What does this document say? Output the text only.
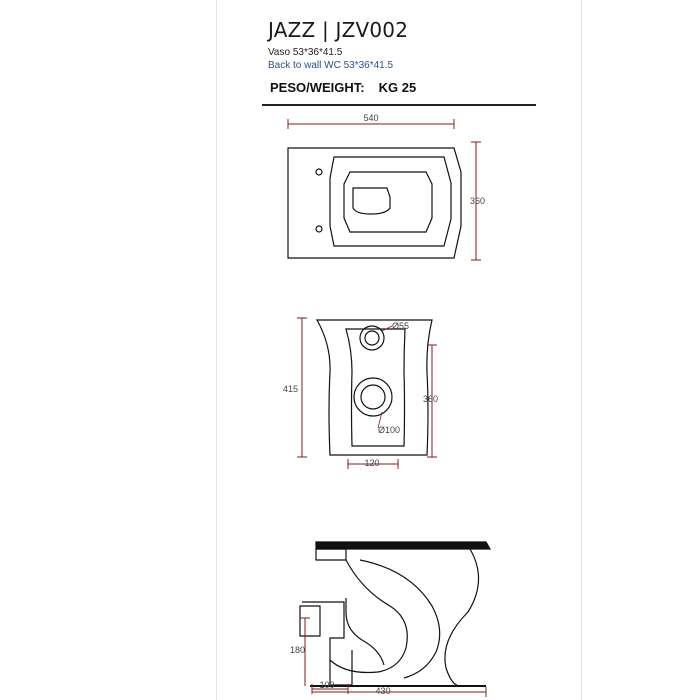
JAZZ | JZV002
Vaso 53*36*41.5
Back to wall WC 53*36*41.5
PESO/WEIGHT: KG 25
540
360
415
360
Ø55
Ø100
120
180
100
430
